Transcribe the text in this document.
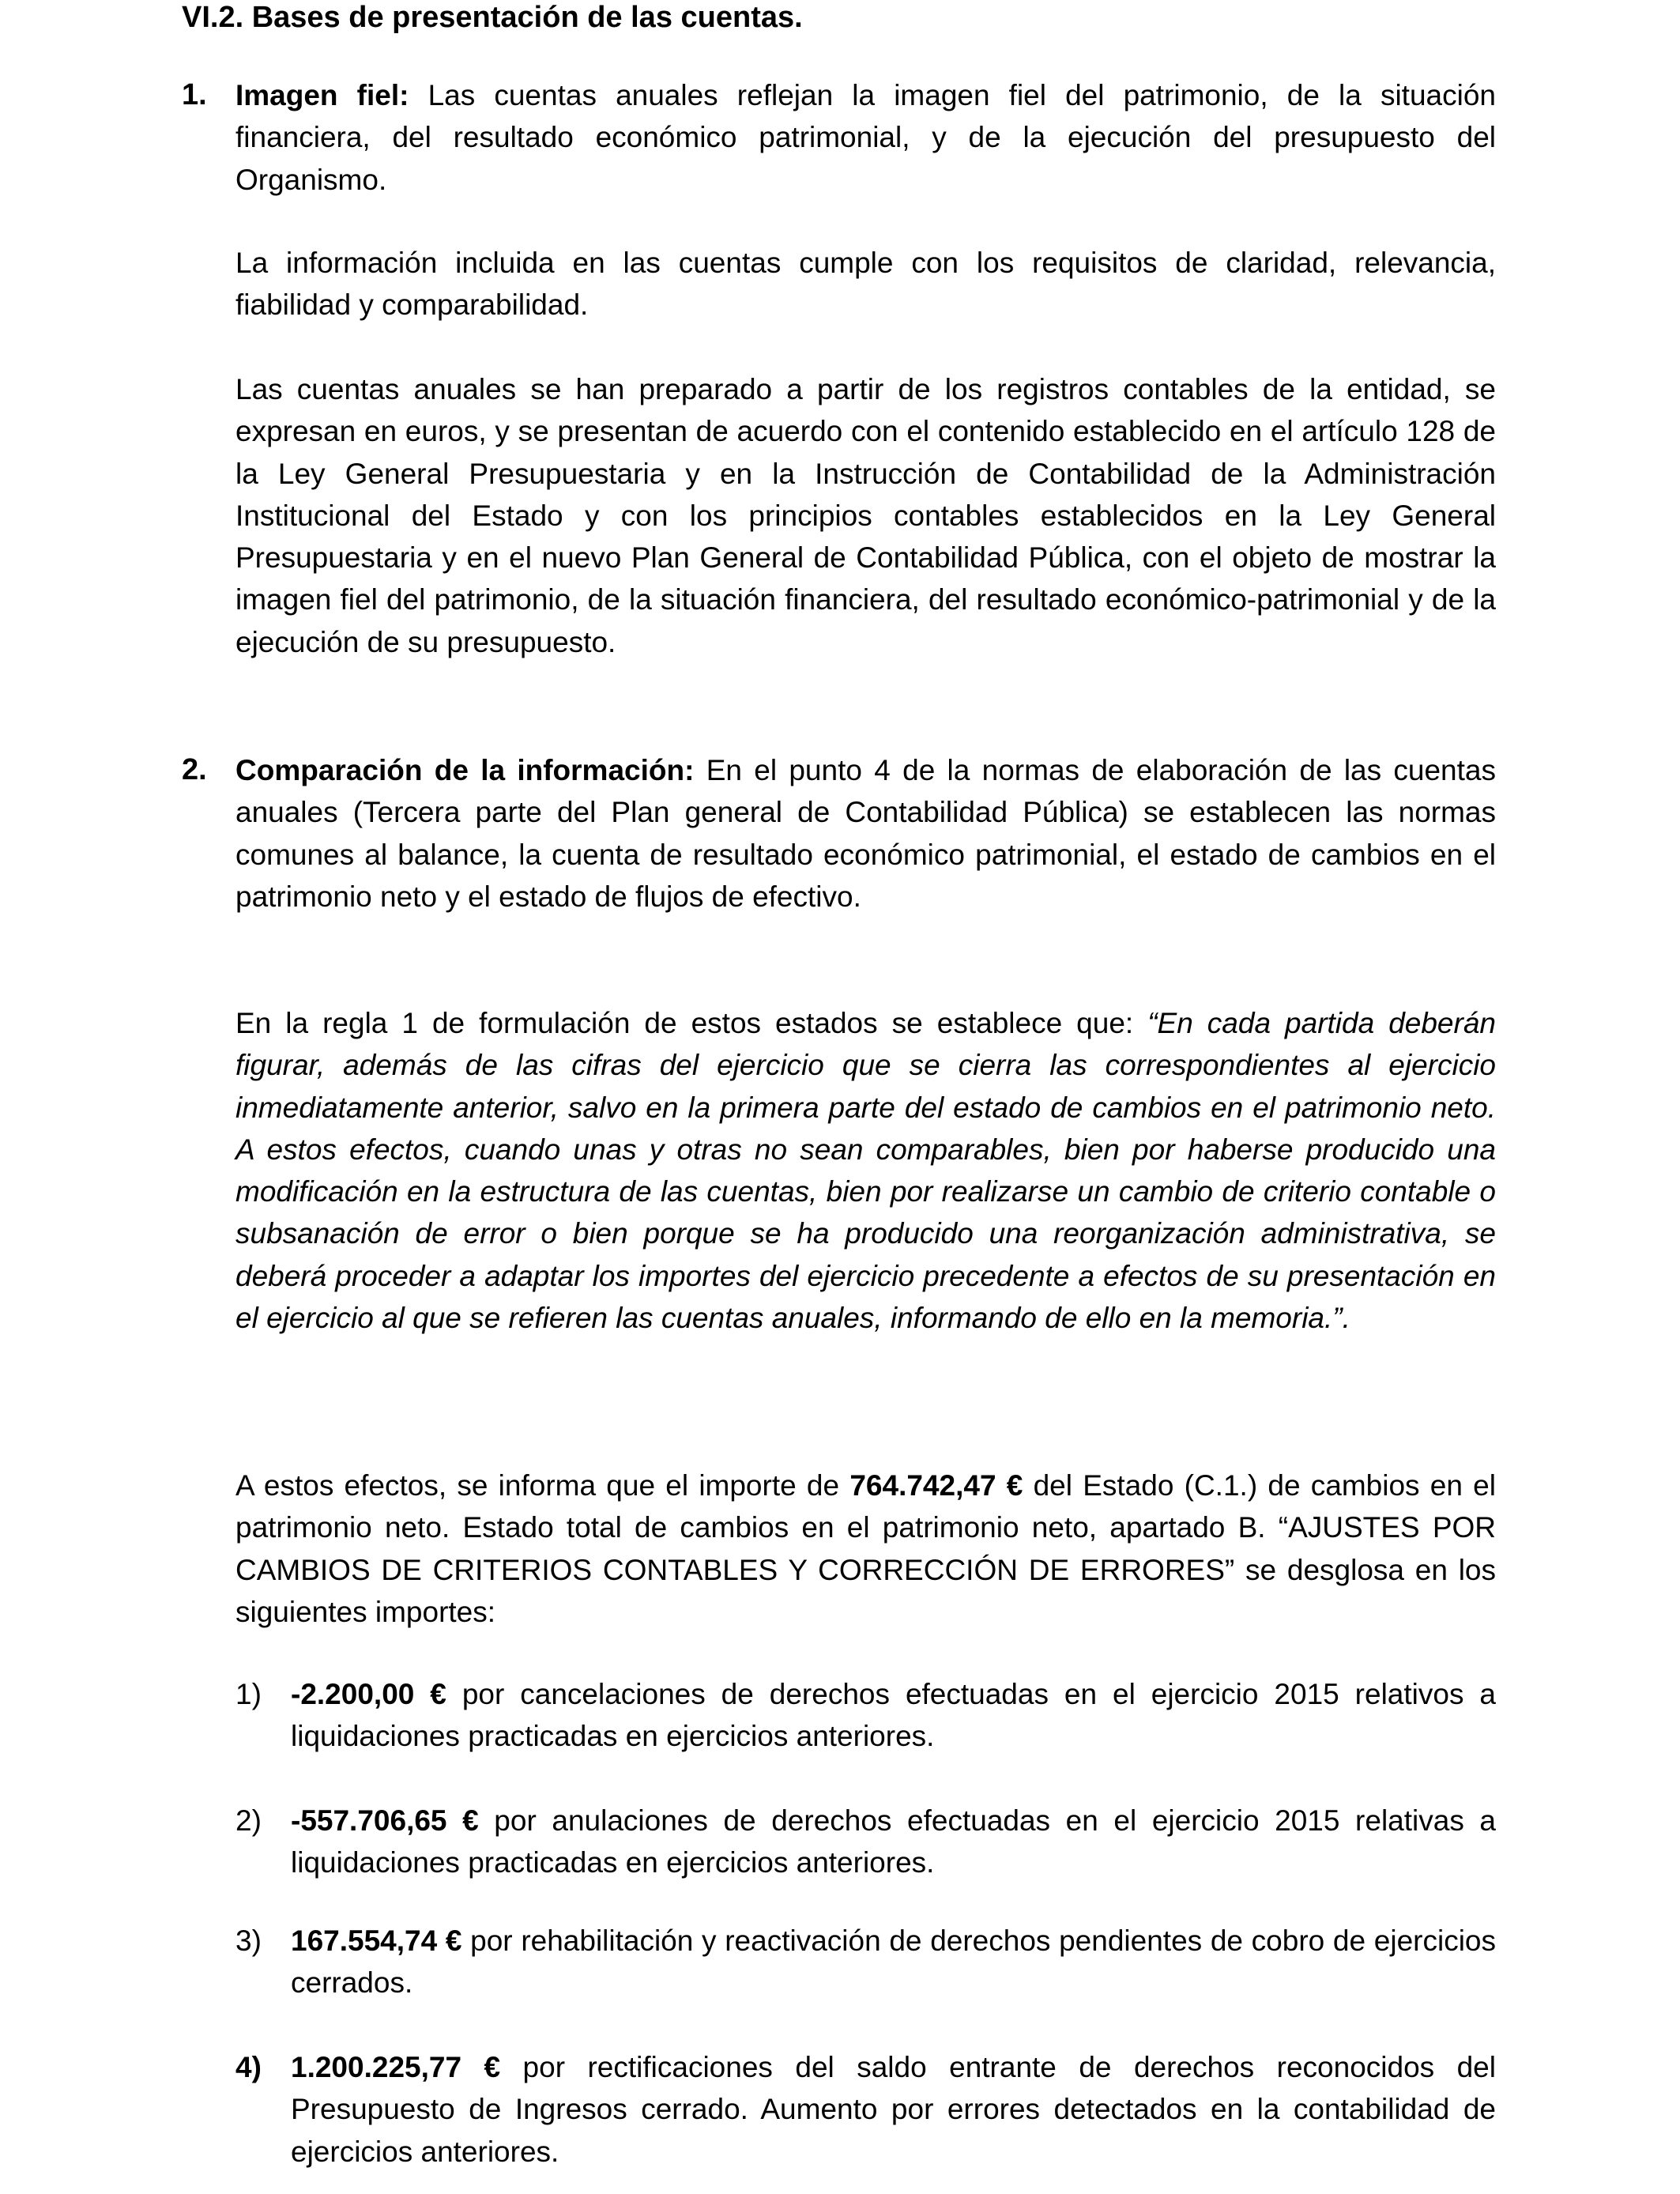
VI.2. Bases de presentación de las cuentas.
1. Imagen fiel: Las cuentas anuales reflejan la imagen fiel del patrimonio, de la situación financiera, del resultado económico patrimonial, y de la ejecución del presupuesto del Organismo.
La información incluida en las cuentas cumple con los requisitos de claridad, relevancia, fiabilidad y comparabilidad.
Las cuentas anuales se han preparado a partir de los registros contables de la entidad, se expresan en euros, y se presentan de acuerdo con el contenido establecido en el artículo 128 de la Ley General Presupuestaria y en la Instrucción de Contabilidad de la Administración Institucional del Estado y con los principios contables establecidos en la Ley General Presupuestaria y en el nuevo Plan General de Contabilidad Pública, con el objeto de mostrar la imagen fiel del patrimonio, de la situación financiera, del resultado económico-patrimonial y de la ejecución de su presupuesto.
2. Comparación de la información: En el punto 4 de la normas de elaboración de las cuentas anuales (Tercera parte del Plan general de Contabilidad Pública) se establecen las normas comunes al balance, la cuenta de resultado económico patrimonial, el estado de cambios en el patrimonio neto y el estado de flujos de efectivo.
En la regla 1 de formulación de estos estados se establece que: “En cada partida deberán figurar, además de las cifras del ejercicio que se cierra las correspondientes al ejercicio inmediatamente anterior, salvo en la primera parte del estado de cambios en el patrimonio neto. A estos efectos, cuando unas y otras no sean comparables, bien por haberse producido una modificación en la estructura de las cuentas, bien por realizarse un cambio de criterio contable o subsanación de error o bien porque se ha producido una reorganización administrativa, se deberá proceder a adaptar los importes del ejercicio precedente a efectos de su presentación en el ejercicio al que se refieren las cuentas anuales, informando de ello en la memoria.”.
A estos efectos, se informa que el importe de 764.742,47 € del Estado (C.1.) de cambios en el patrimonio neto. Estado total de cambios en el patrimonio neto, apartado B. “AJUSTES POR CAMBIOS DE CRITERIOS CONTABLES Y CORRECCIÓN DE ERRORES” se desglosa en los siguientes importes:
1) -2.200,00 € por cancelaciones de derechos efectuadas en el ejercicio 2015 relativos a liquidaciones practicadas en ejercicios anteriores.
2) -557.706,65 € por anulaciones de derechos efectuadas en el ejercicio 2015 relativas a liquidaciones practicadas en ejercicios anteriores.
3) 167.554,74 € por rehabilitación y reactivación de derechos pendientes de cobro de ejercicios cerrados.
4) 1.200.225,77 € por rectificaciones del saldo entrante de derechos reconocidos del Presupuesto de Ingresos cerrado. Aumento por errores detectados en la contabilidad de ejercicios anteriores.
